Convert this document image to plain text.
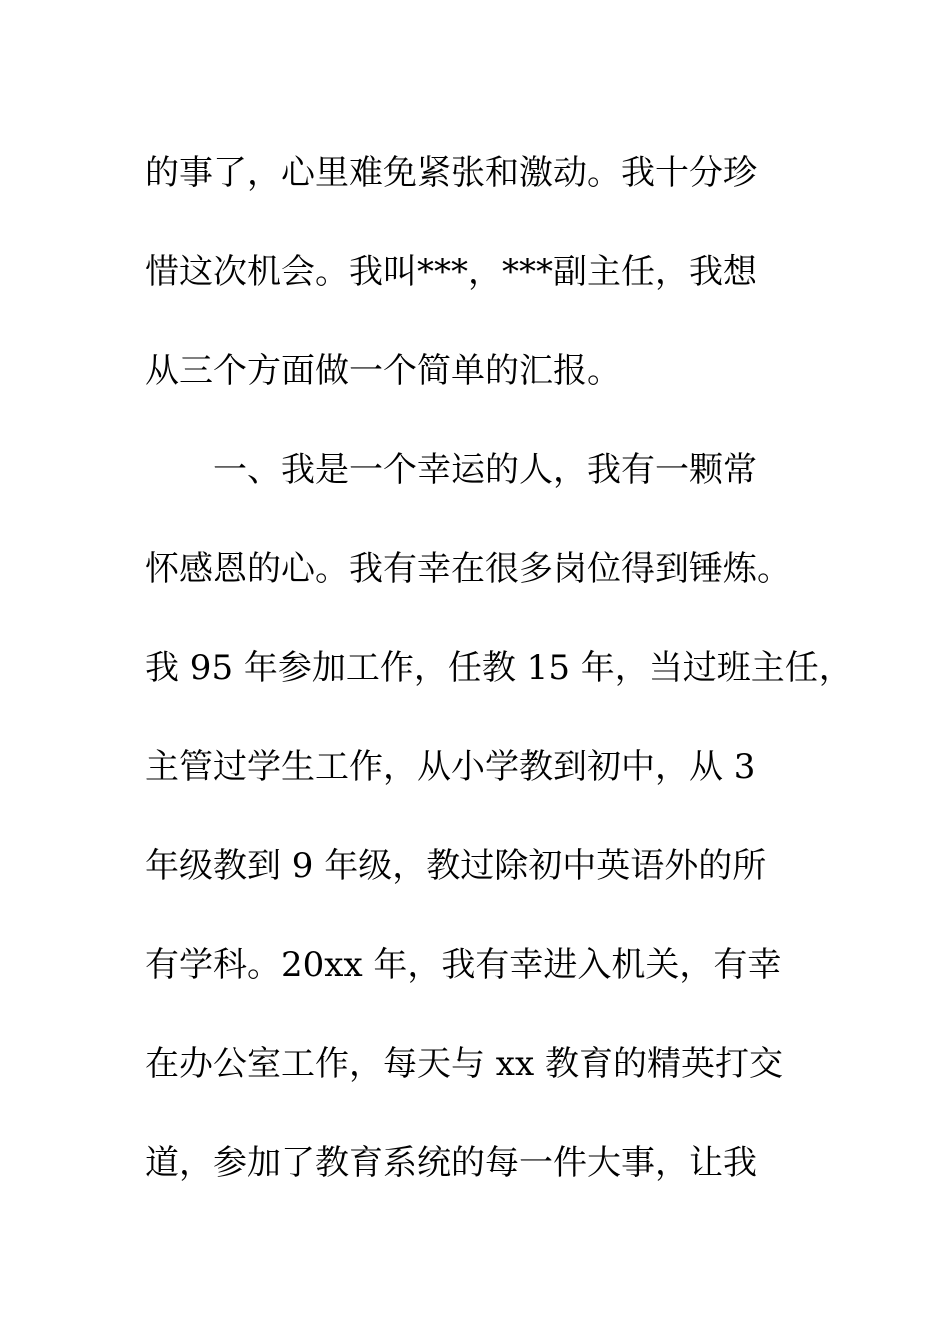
的事了，心里难免紧张和激动。我十分珍
惜这次机会。我叫***，***副主任，我想
从三个方面做一个简单的汇报。
　　一、我是一个幸运的人，我有一颗常
怀感恩的心。我有幸在很多岗位得到锤炼。
我 95 年参加工作，任教 15 年，当过班主任，
主管过学生工作，从小学教到初中，从 3
年级教到 9 年级，教过除初中英语外的所
有学科。20xx 年，我有幸进入机关，有幸
在办公室工作，每天与 xx 教育的精英打交
道，参加了教育系统的每一件大事，让我
